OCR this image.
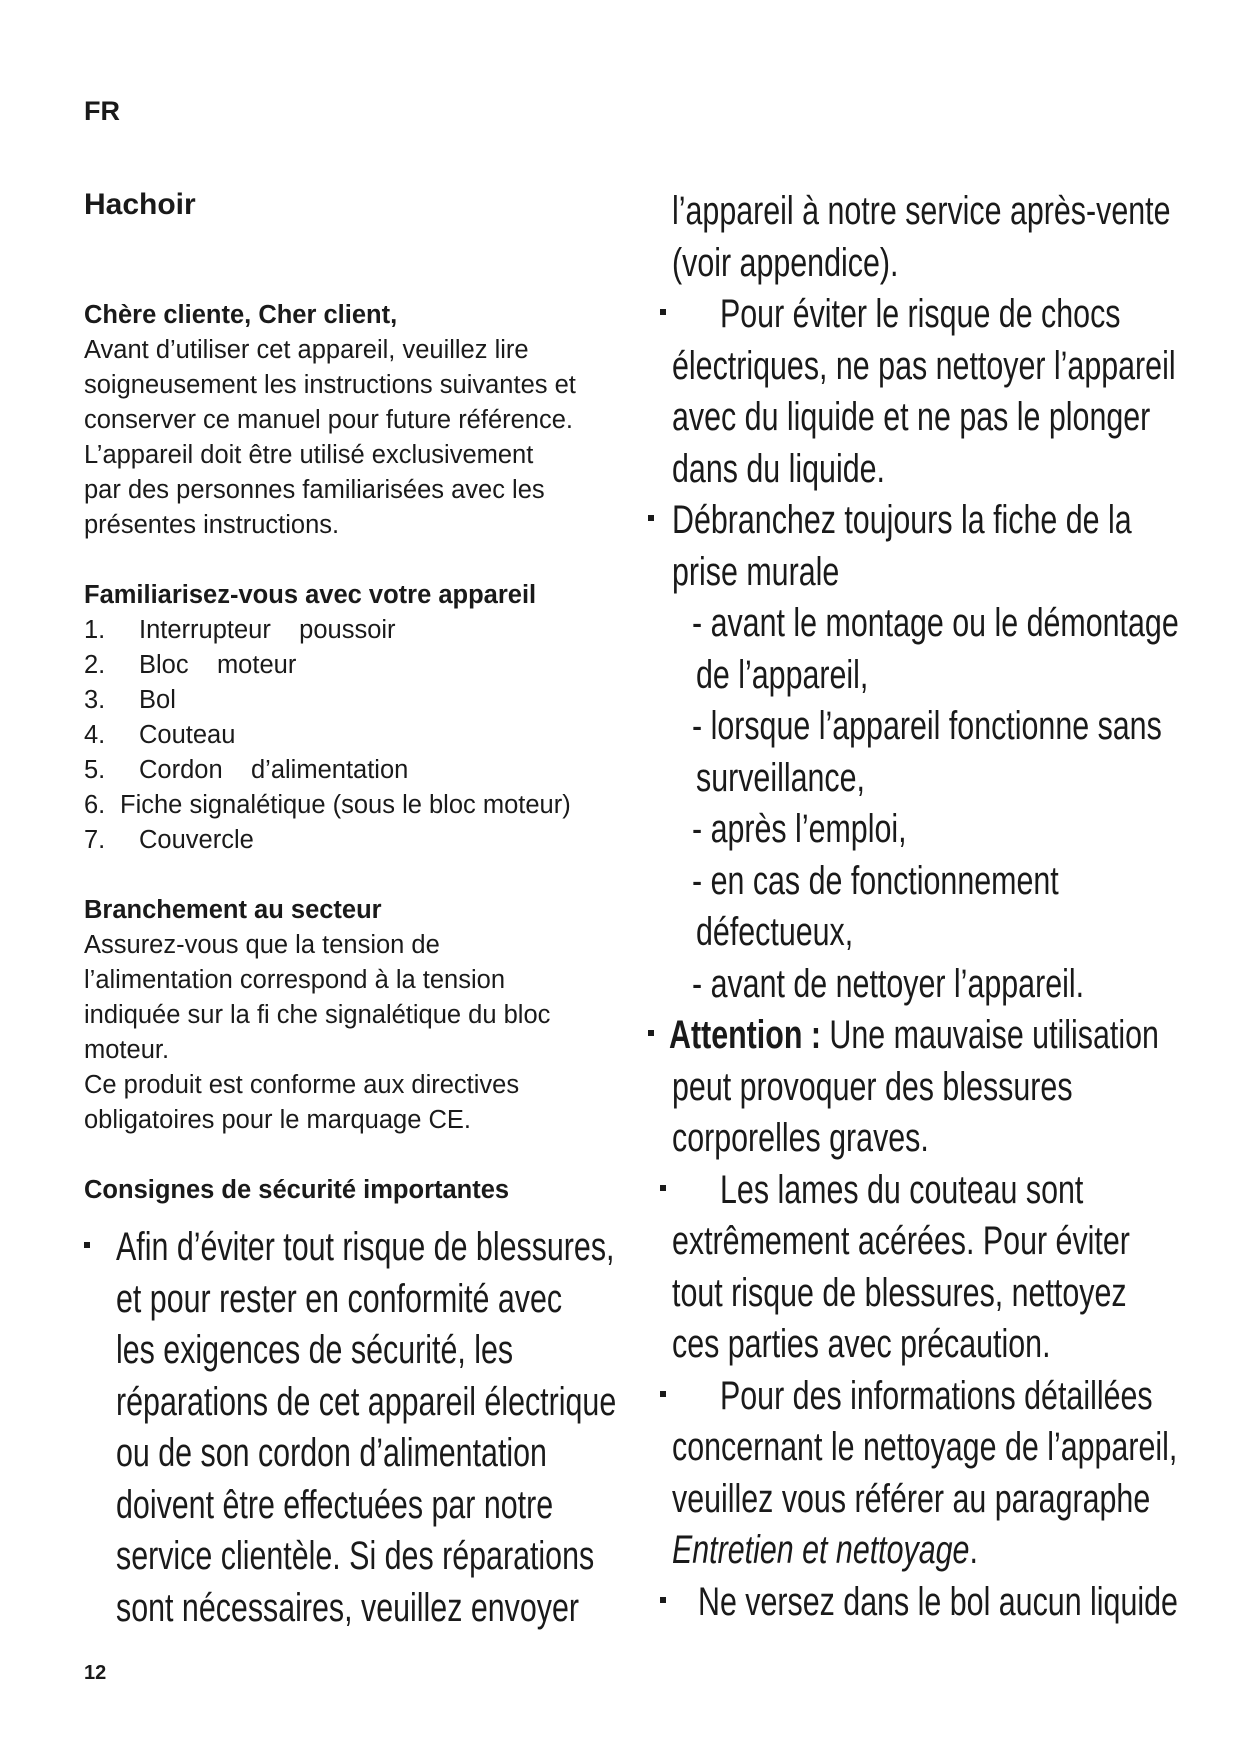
FR

Hachoir

Chère cliente, Cher client,

Avant d’utiliser cet appareil, veuillez lire

soigneusement les instructions suivantes et

conserver ce manuel pour future référence.

L’appareil doit être utilisé exclusivement

par des personnes familiarisées avec les

présentes instructions.

Familiarisez-vous avec votre appareil

1.	Interrupteur    poussoir
2.	Bloc    moteur
3.	Bol
4.	Couteau
5.	Cordon    d’alimentation
6. Fiche signalétique (sous le bloc moteur)
7.	Couvercle

Branchement au secteur

Assurez-vous que la tension de

l’alimentation correspond à la tension

indiquée sur la fi che signalétique du bloc

moteur.

Ce produit est conforme aux directives

obligatoires pour le marquage CE.

Consignes de sécurité importantes

Afin d’éviter tout risque de blessures,
et pour rester en conformité avec
les exigences de sécurité, les
réparations de cet appareil électrique
ou de son cordon d’alimentation
doivent être effectuées par notre
service clientèle. Si des réparations
sont nécessaires, veuillez envoyer
l’appareil à notre service après-vente
(voir appendice).
Pour éviter le risque de chocs
électriques, ne pas nettoyer l’appareil
avec du liquide et ne pas le plonger
dans du liquide.
Débranchez toujours la fiche de la
prise murale
- avant le montage ou le démontage
de l’appareil,
- lorsque l’appareil fonctionne sans
surveillance,
- après l’emploi,
- en cas de fonctionnement
défectueux,
- avant de nettoyer l’appareil.
Attention : Une mauvaise utilisation
peut provoquer des blessures
corporelles graves.
Les lames du couteau sont
extrêmement acérées. Pour éviter
tout risque de blessures, nettoyez
ces parties avec précaution.
Pour des informations détaillées
concernant le nettoyage de l’appareil,
veuillez vous référer au paragraphe
Entretien et nettoyage.
Ne versez dans le bol aucun liquide

12
